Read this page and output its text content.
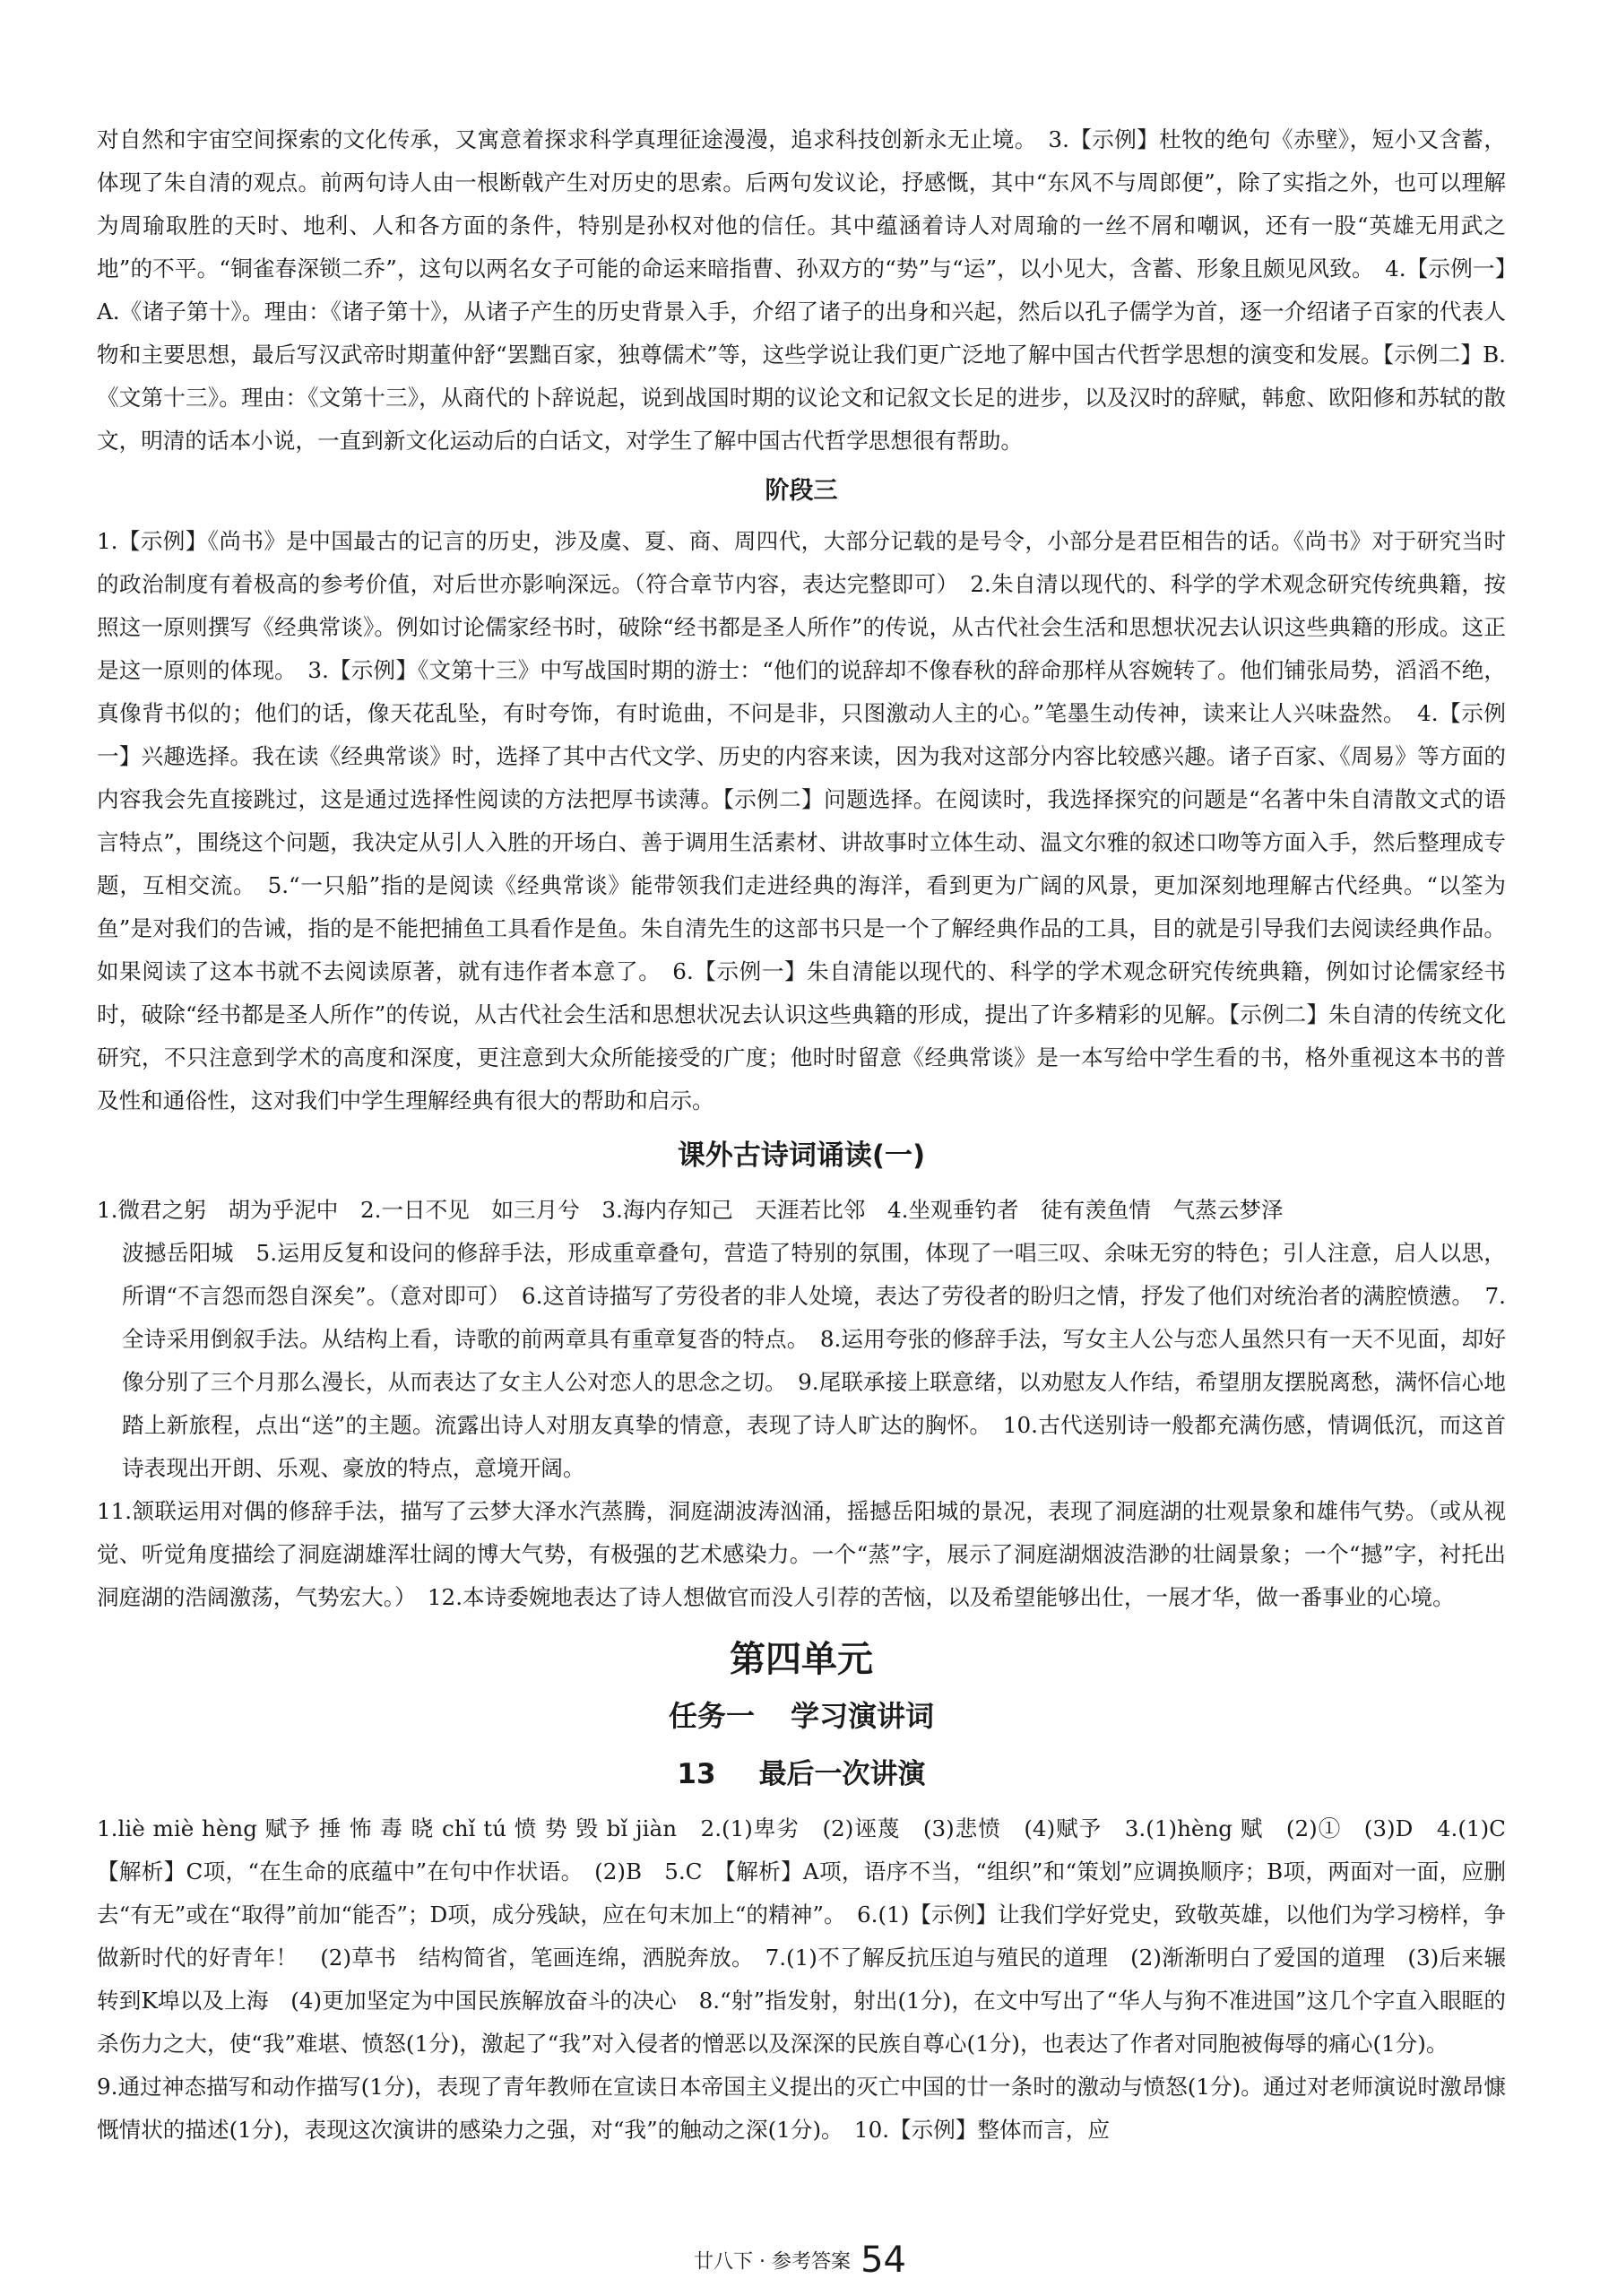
对自然和宇宙空间探索的文化传承，又寓意着探求科学真理征途漫漫，追求科技创新永无止境。　3.【示例】杜牧的绝句《赤壁》，短小又含蓄，体现了朱自清的观点。前两句诗人由一根断戟产生对历史的思索。后两句发议论，抒感慨，其中“东风不与周郎便”，除了实指之外，也可以理解为周瑜取胜的天时、地利、人和各方面的条件，特别是孙权对他的信任。其中蕴涵着诗人对周瑜的一丝不屑和嘲讽，还有一股“英雄无用武之地”的不平。“铜雀春深锁二乔”，这句以两名女子可能的命运来暗指曹、孙双方的“势”与“运”，以小见大，含蓄、形象且颇见风致。　4.【示例一】A.《诸子第十》。理由：《诸子第十》，从诸子产生的历史背景入手，介绍了诸子的出身和兴起，然后以孔子儒学为首，逐一介绍诸子百家的代表人物和主要思想，最后写汉武帝时期董仲舒“罢黜百家，独尊儒术”等，这些学说让我们更广泛地了解中国古代哲学思想的演变和发展。【示例二】B.《文第十三》。理由：《文第十三》，从商代的卜辞说起，说到战国时期的议论文和记叙文长足的进步，以及汉时的辞赋，韩愈、欧阳修和苏轼的散文，明清的话本小说，一直到新文化运动后的白话文，对学生了解中国古代哲学思想很有帮助。

阶段三

1.【示例】《尚书》是中国最古的记言的历史，涉及虞、夏、商、周四代，大部分记载的是号令，小部分是君臣相告的话。《尚书》对于研究当时的政治制度有着极高的参考价值，对后世亦影响深远。（符合章节内容，表达完整即可）　2.朱自清以现代的、科学的学术观念研究传统典籍，按照这一原则撰写《经典常谈》。例如讨论儒家经书时，破除“经书都是圣人所作”的传说，从古代社会生活和思想状况去认识这些典籍的形成。这正是这一原则的体现。　3.【示例】《文第十三》中写战国时期的游士：“他们的说辞却不像春秋的辞命那样从容婉转了。他们铺张局势，滔滔不绝，真像背书似的；他们的话，像天花乱坠，有时夸饰，有时诡曲，不问是非，只图激动人主的心。”笔墨生动传神，读来让人兴味盎然。　4.【示例一】兴趣选择。我在读《经典常谈》时，选择了其中古代文学、历史的内容来读，因为我对这部分内容比较感兴趣。诸子百家、《周易》等方面的内容我会先直接跳过，这是通过选择性阅读的方法把厚书读薄。【示例二】问题选择。在阅读时，我选择探究的问题是“名著中朱自清散文式的语言特点”，围绕这个问题，我决定从引人入胜的开场白、善于调用生活素材、讲故事时立体生动、温文尔雅的叙述口吻等方面入手，然后整理成专题，互相交流。　5.“一只船”指的是阅读《经典常谈》能带领我们走进经典的海洋，看到更为广阔的风景，更加深刻地理解古代经典。“以筌为鱼”是对我们的告诫，指的是不能把捕鱼工具看作是鱼。朱自清先生的这部书只是一个了解经典作品的工具，目的就是引导我们去阅读经典作品。如果阅读了这本书就不去阅读原著，就有违作者本意了。　6.【示例一】朱自清能以现代的、科学的学术观念研究传统典籍，例如讨论儒家经书时，破除“经书都是圣人所作”的传说，从古代社会生活和思想状况去认识这些典籍的形成，提出了许多精彩的见解。【示例二】朱自清的传统文化研究，不只注意到学术的高度和深度，更注意到大众所能接受的广度；他时时留意《经典常谈》是一本写给中学生看的书，格外重视这本书的普及性和通俗性，这对我们中学生理解经典有很大的帮助和启示。

课外古诗词诵读(一)

1.微君之躬　胡为乎泥中　2.一日不见　如三月兮　3.海内存知己　天涯若比邻　4.坐观垂钓者　徒有羡鱼情　气蒸云梦泽

波撼岳阳城　5.运用反复和设问的修辞手法，形成重章叠句，营造了特别的氛围，体现了一唱三叹、余味无穷的特色；引人注意，启人以思，所谓“不言怨而怨自深矣”。（意对即可）　6.这首诗描写了劳役者的非人处境，表达了劳役者的盼归之情，抒发了他们对统治者的满腔愤懑。　7.全诗采用倒叙手法。从结构上看，诗歌的前两章具有重章复沓的特点。　8.运用夸张的修辞手法，写女主人公与恋人虽然只有一天不见面，却好像分别了三个月那么漫长，从而表达了女主人公对恋人的思念之切。　9.尾联承接上联意绪，以劝慰友人作结，希望朋友摆脱离愁，满怀信心地踏上新旅程，点出“送”的主题。流露出诗人对朋友真挚的情意，表现了诗人旷达的胸怀。　10.古代送别诗一般都充满伤感，情调低沉，而这首诗表现出开朗、乐观、豪放的特点，意境开阔。

11.颔联运用对偶的修辞手法，描写了云梦大泽水汽蒸腾，洞庭湖波涛汹涌，摇撼岳阳城的景况，表现了洞庭湖的壮观景象和雄伟气势。（或从视觉、听觉角度描绘了洞庭湖雄浑壮阔的博大气势，有极强的艺术感染力。一个“蒸”字，展示了洞庭湖烟波浩渺的壮阔景象；一个“撼”字，衬托出洞庭湖的浩阔激荡，气势宏大。）　12.本诗委婉地表达了诗人想做官而没人引荐的苦恼，以及希望能够出仕，一展才华，做一番事业的心境。

第四单元
任务一 学习演讲词
13 最后一次讲演

1.liè miè hèng 赋予 捶 怖 毒 晓 chǐ tú 愤 势 毁 bǐ jiàn　2.(1)卑劣　(2)诬蔑　(3)悲愤　(4)赋予　3.(1)hèng 赋　(2)①　(3)D　4.(1)C　【解析】C项，“在生命的底蕴中”在句中作状语。　(2)B　5.C　【解析】A项，语序不当，“组织”和“策划”应调换顺序；B项，两面对一面，应删去“有无”或在“取得”前加“能否”；D项，成分残缺，应在句末加上“的精神”。　6.(1)【示例】让我们学好党史，致敬英雄，以他们为学习榜样，争做新时代的好青年！　(2)草书　结构简省，笔画连绵，洒脱奔放。　7.(1)不了解反抗压迫与殖民的道理　(2)渐渐明白了爱国的道理　(3)后来辗转到K埠以及上海　(4)更加坚定为中国民族解放奋斗的决心　8.“射”指发射，射出(1分)，在文中写出了“华人与狗不准进国”这几个字直入眼眶的杀伤力之大，使“我”难堪、愤怒(1分)，激起了“我”对入侵者的憎恶以及深深的民族自尊心(1分)，也表达了作者对同胞被侮辱的痛心(1分)。

9.通过神态描写和动作描写(1分)，表现了青年教师在宣读日本帝国主义提出的灭亡中国的廿一条时的激动与愤怒(1分)。通过对老师演说时激昂慷慨情状的描述(1分)，表现这次演讲的感染力之强，对“我”的触动之深(1分)。　10.【示例】整体而言，应

廿八下 · 参考答案 54
